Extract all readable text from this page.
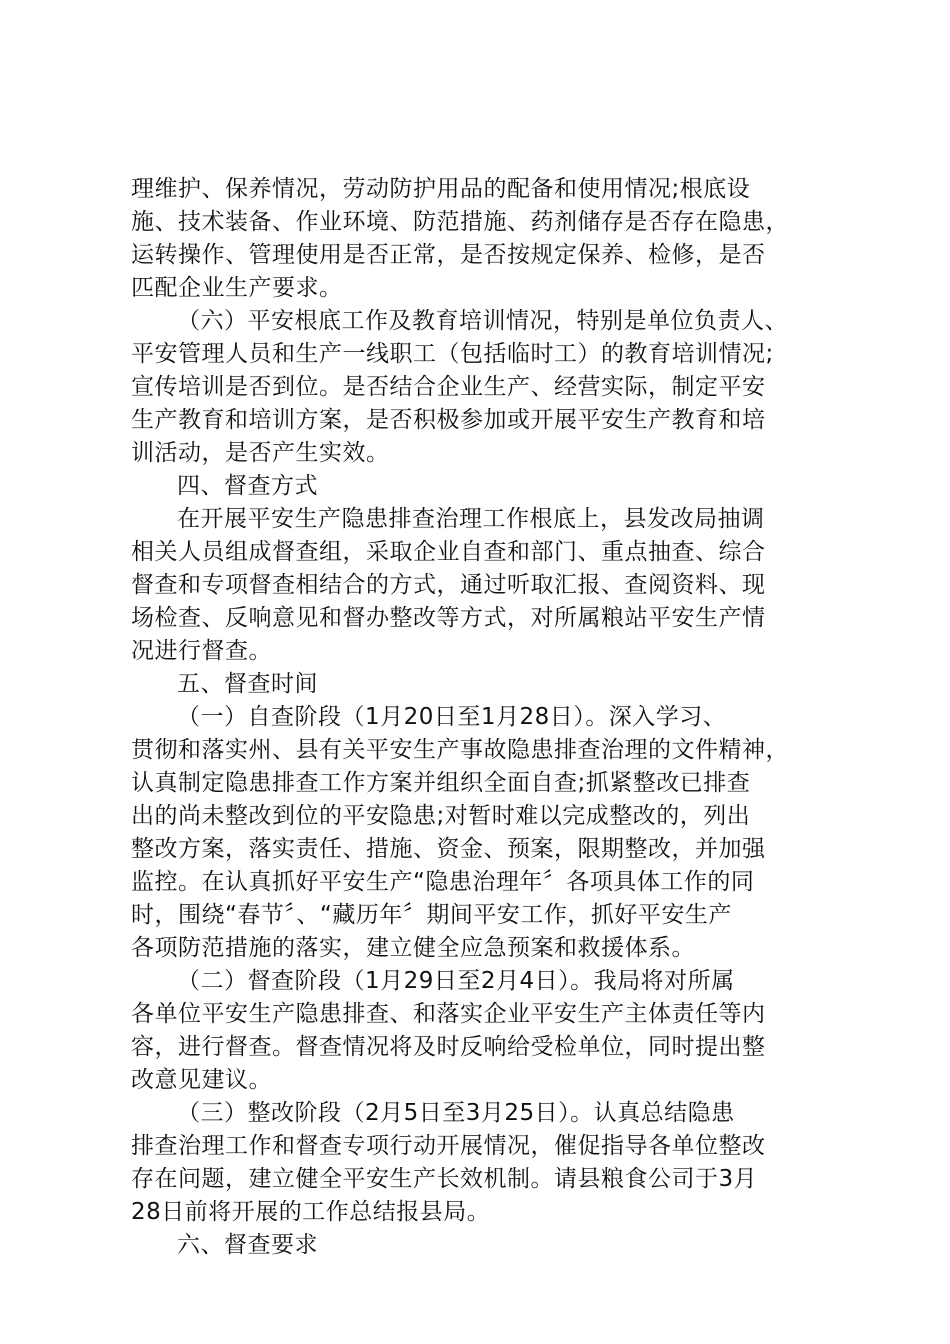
理维护、保养情况，劳动防护用品的配备和使用情况;根底设
施、技术装备、作业环境、防范措施、药剂储存是否存在隐患，
运转操作、管理使用是否正常，是否按规定保养、检修，是否
匹配企业生产要求。
（六）平安根底工作及教育培训情况，特别是单位负责人、
平安管理人员和生产一线职工（包括临时工）的教育培训情况;
宣传培训是否到位。是否结合企业生产、经营实际，制定平安
生产教育和培训方案，是否积极参加或开展平安生产教育和培
训活动，是否产生实效。
四、督查方式
在开展平安生产隐患排查治理工作根底上，县发改局抽调
相关人员组成督查组，采取企业自查和部门、重点抽查、综合
督查和专项督查相结合的方式，通过听取汇报、查阅资料、现
场检查、反响意见和督办整改等方式，对所属粮站平安生产情
况进行督查。
五、督查时间
（一）自查阶段（1月20日至1月28日）。深入学习、
贯彻和落实州、县有关平安生产事故隐患排查治理的文件精神，
认真制定隐患排查工作方案并组织全面自查;抓紧整改已排查
出的尚未整改到位的平安隐患;对暂时难以完成整改的，列出
整改方案，落实责任、措施、资金、预案，限期整改，并加强
监控。在认真抓好平安生产“隐患治理年〞各项具体工作的同
时，围绕“春节〞、“藏历年〞期间平安工作，抓好平安生产
各项防范措施的落实，建立健全应急预案和救援体系。
（二）督查阶段（1月29日至2月4日）。我局将对所属
各单位平安生产隐患排查、和落实企业平安生产主体责任等内
容，进行督查。督查情况将及时反响给受检单位，同时提出整
改意见建议。
（三）整改阶段（2月5日至3月25日）。认真总结隐患
排查治理工作和督查专项行动开展情况，催促指导各单位整改
存在问题，建立健全平安生产长效机制。请县粮食公司于3月
28日前将开展的工作总结报县局。
六、督查要求
